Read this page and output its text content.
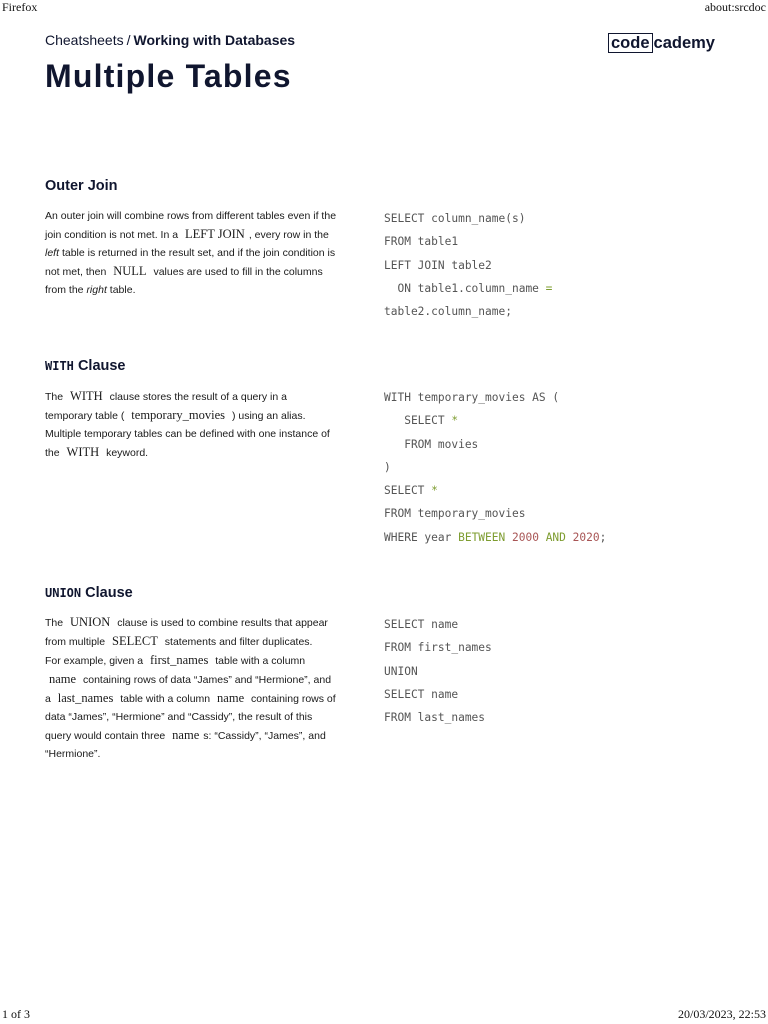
Firefox	about:srcdoc
1 of 3	20/03/2023, 22:53
Cheatsheets / Working with Databases	code cademy
Multiple Tables
Outer Join

An outer join will combine rows from different tables even if the join condition is not met. In a LEFT JOIN , every row in the left table is returned in the result set, and if the join condition is not met, then NULL values are used to fill in the columns from the right table.

SELECT column_name(s)
FROM table1
LEFT JOIN table2
ON table1.column_name =
table2.column_name;
WITH Clause

The WITH clause stores the result of a query in a temporary table ( temporary_movies ) using an alias. Multiple temporary tables can be defined with one instance of the WITH keyword.

WITH temporary_movies AS (
SELECT *
FROM movies
)
SELECT *
FROM temporary_movies
WHERE year BETWEEN 2000 AND 2020;
UNION Clause

The UNION clause is used to combine results that appear from multiple SELECT statements and filter duplicates.

For example, given a first_names table with a column name containing rows of data “James” and “Hermione”, and a last_names table with a column name containing rows of data “James”, “Hermione” and “Cassidy”, the result of this query would contain three name s: “Cassidy”, “James”, and “Hermione”.

SELECT name
FROM first_names
UNION
SELECT name
FROM last_names
